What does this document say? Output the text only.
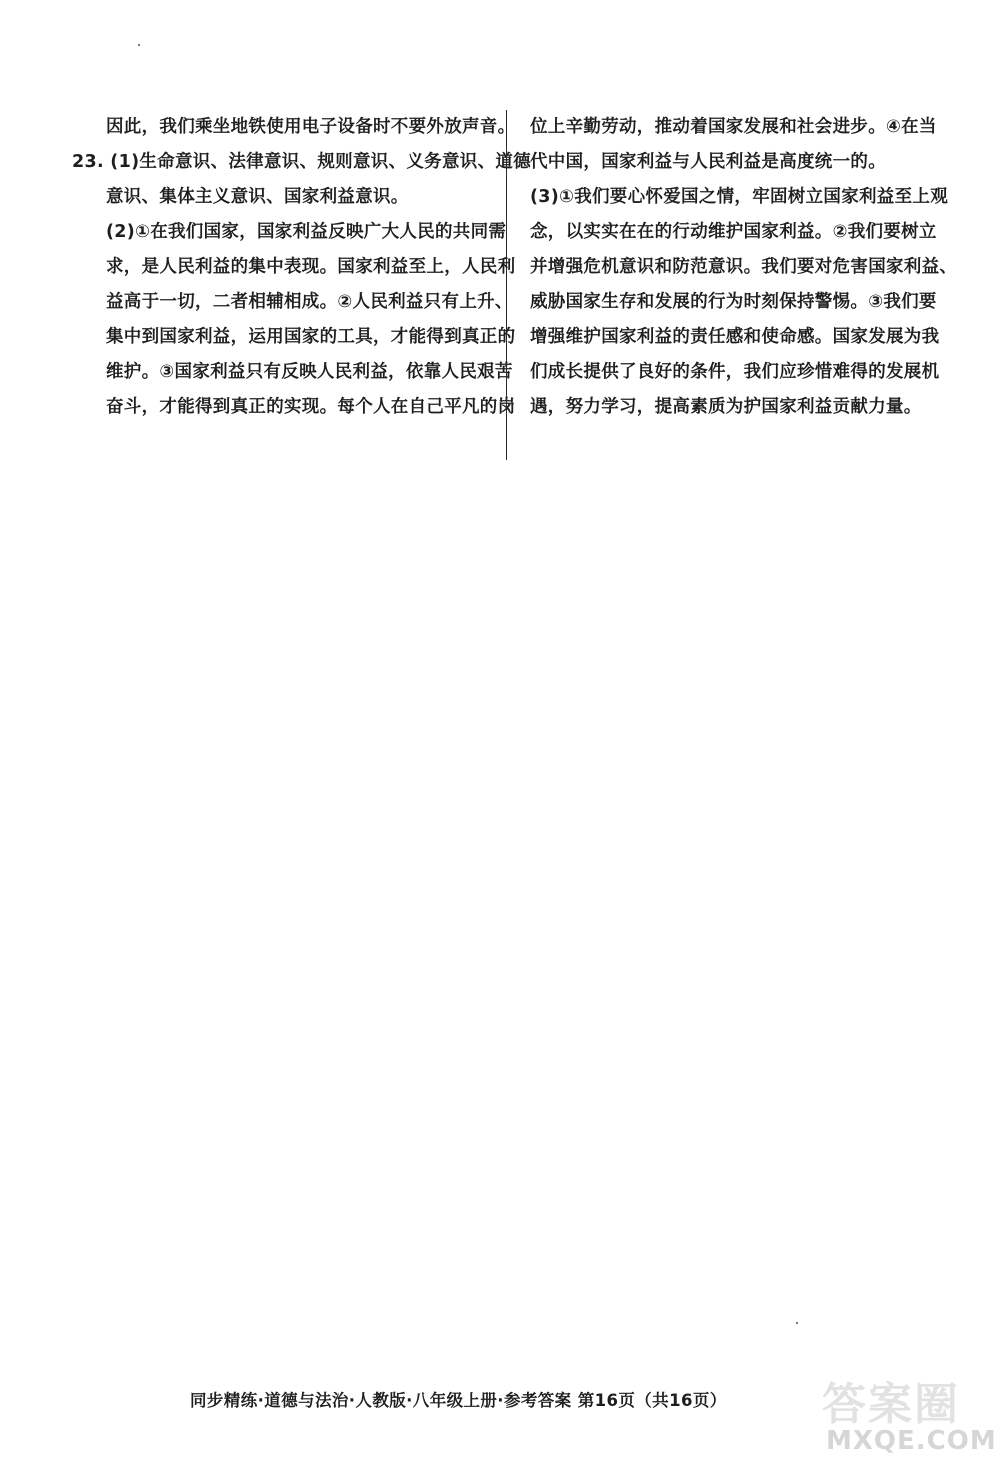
因此，我们乘坐地铁使用电子设备时不要外放声音。
23. (1)生命意识、法律意识、规则意识、义务意识、道德
意识、集体主义意识、国家利益意识。
(2)①在我们国家，国家利益反映广大人民的共同需
求，是人民利益的集中表现。国家利益至上，人民利
益高于一切，二者相辅相成。②人民利益只有上升、
集中到国家利益，运用国家的工具，才能得到真正的
维护。③国家利益只有反映人民利益，依靠人民艰苦
奋斗，才能得到真正的实现。每个人在自己平凡的岗
位上辛勤劳动，推动着国家发展和社会进步。④在当
代中国，国家利益与人民利益是高度统一的。
(3)①我们要心怀爱国之情，牢固树立国家利益至上观
念，以实实在在的行动维护国家利益。②我们要树立
并增强危机意识和防范意识。我们要对危害国家利益、
威胁国家生存和发展的行为时刻保持警惕。③我们要
增强维护国家利益的责任感和使命感。国家发展为我
们成长提供了良好的条件，我们应珍惜难得的发展机
遇，努力学习，提高素质为护国家利益贡献力量。
同步精练·道德与法治·人教版·八年级上册·参考答案 第16页（共16页） 答案圈
MXQE.COM
